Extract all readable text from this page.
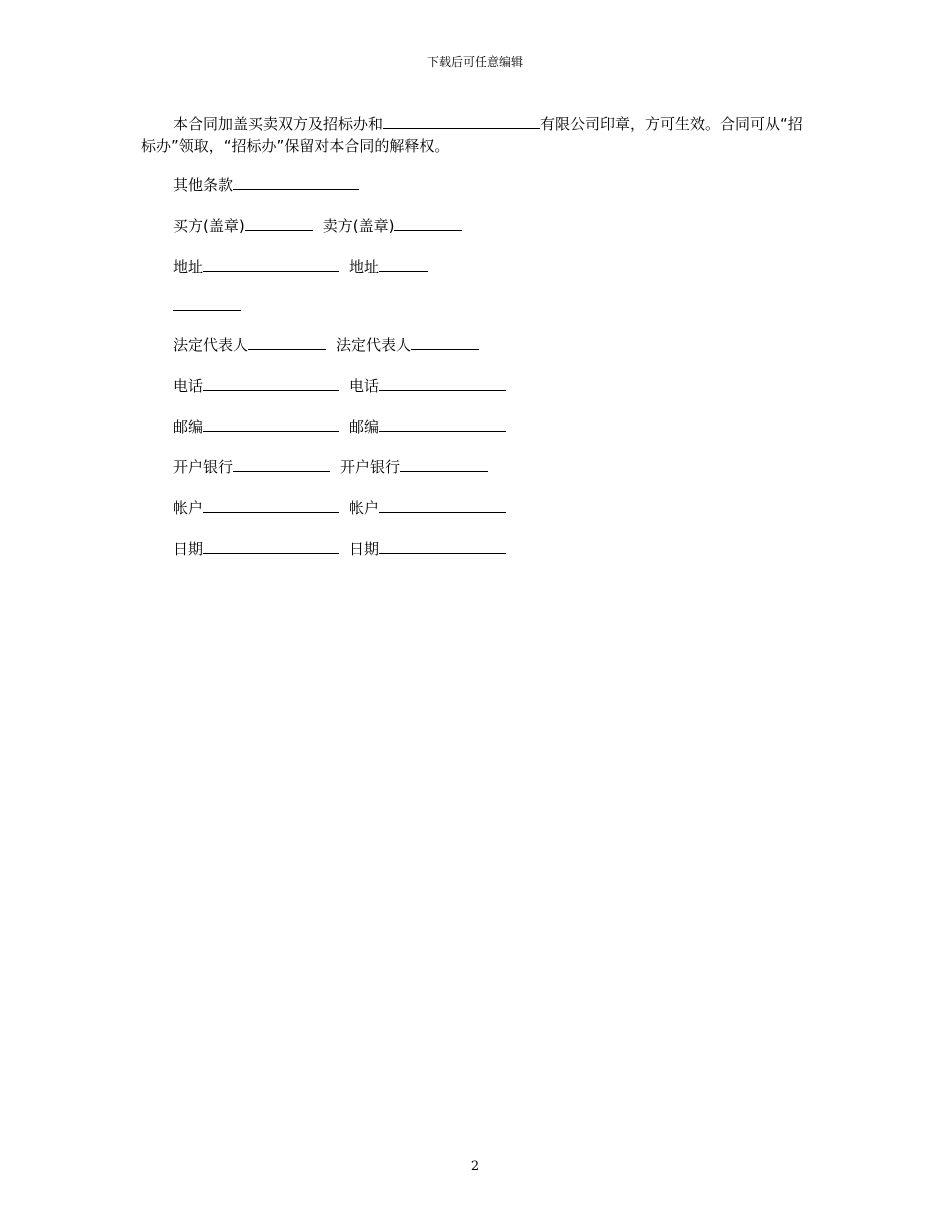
下载后可任意编辑

本合同加盖买卖双方及招标办和	有限公司印章，方可生效。合同可从“招标办”领取，“招标办”保留对本合同的解释权。

其他条款
买方(盖章)	卖方(盖章)
地址	地址
法定代表人	法定代表人
电话	电话
邮编	邮编
开户银行	开户银行
帐户	帐户
日期	日期
2
